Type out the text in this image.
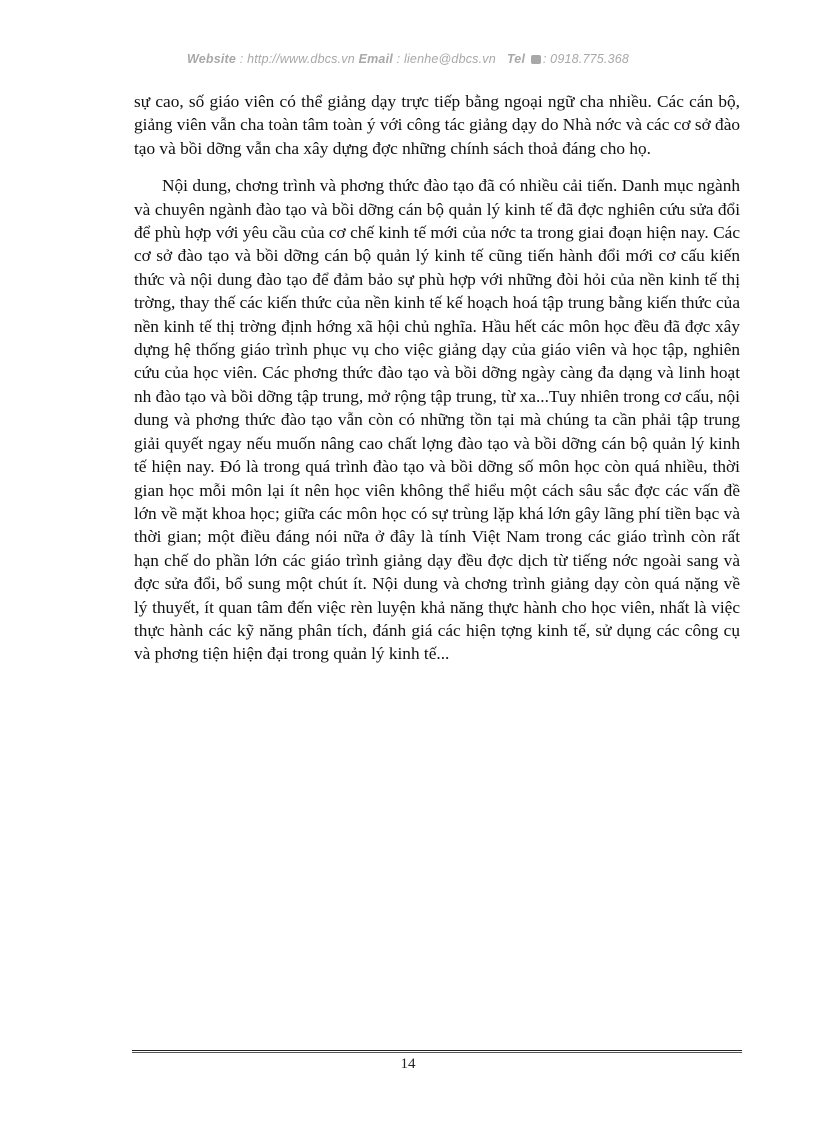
Website : http://www.dbcs.vn Email : lienhe@dbcs.vn Tel : 0918.775.368

sự cao, số giáo viên có thể giảng dạy trực tiếp bằng ngoại ngữ cha nhiều. Các cán bộ, giảng viên vẫn cha toàn tâm toàn ý với công tác giảng dạy do Nhà nớc và các cơ sở đào tạo và bồi dỡng vẫn cha xây dựng đợc những chính sách thoả đáng cho họ.

Nội dung, chơng trình và phơng thức đào tạo đã có nhiều cải tiến. Danh mục ngành và chuyên ngành đào tạo và bồi dỡng cán bộ quản lý kinh tế đã đợc nghiên cứu sửa đổi để phù hợp với yêu cầu của cơ chế kinh tế mới của nớc ta trong giai đoạn hiện nay. Các cơ sở đào tạo và bồi dỡng cán bộ quản lý kinh tế cũng tiến hành đổi mới cơ cấu kiến thức và nội dung đào tạo để đảm bảo sự phù hợp với những đòi hỏi của nền kinh tế thị trờng, thay thế các kiến thức của nền kinh tế kế hoạch hoá tập trung bằng kiến thức của nền kinh tế thị trờng định hớng xã hội chủ nghĩa. Hầu hết các môn học đều đã đợc xây dựng hệ thống giáo trình phục vụ cho việc giảng dạy của giáo viên và học tập, nghiên cứu của học viên. Các phơng thức đào tạo và bồi dỡng ngày càng đa dạng và linh hoạt nh đào tạo và bồi dỡng tập trung, mở rộng tập trung, từ xa...Tuy nhiên trong cơ cấu, nội dung và phơng thức đào tạo vẫn còn có những tồn tại mà chúng ta cần phải tập trung giải quyết ngay nếu muốn nâng cao chất lợng đào tạo và bồi dỡng cán bộ quản lý kinh tế hiện nay. Đó là trong quá trình đào tạo và bồi dỡng số môn học còn quá nhiều, thời gian học mỗi môn lại ít nên học viên không thể hiểu một cách sâu sắc đợc các vấn đề lớn về mặt khoa học; giữa các môn học có sự trùng lặp khá lớn gây lãng phí tiền bạc và thời gian; một điều đáng nói nữa ở đây là tính Việt Nam trong các giáo trình còn rất hạn chế do phần lớn các giáo trình giảng dạy đều đợc dịch từ tiếng nớc ngoài sang và đợc sửa đổi, bổ sung một chút ít. Nội dung và chơng trình giảng dạy còn quá nặng về lý thuyết, ít quan tâm đến việc rèn luyện khả năng thực hành cho học viên, nhất là việc thực hành các kỹ năng phân tích, đánh giá các hiện tợng kinh tế, sử dụng các công cụ và phơng tiện hiện đại trong quản lý kinh tế...

14
